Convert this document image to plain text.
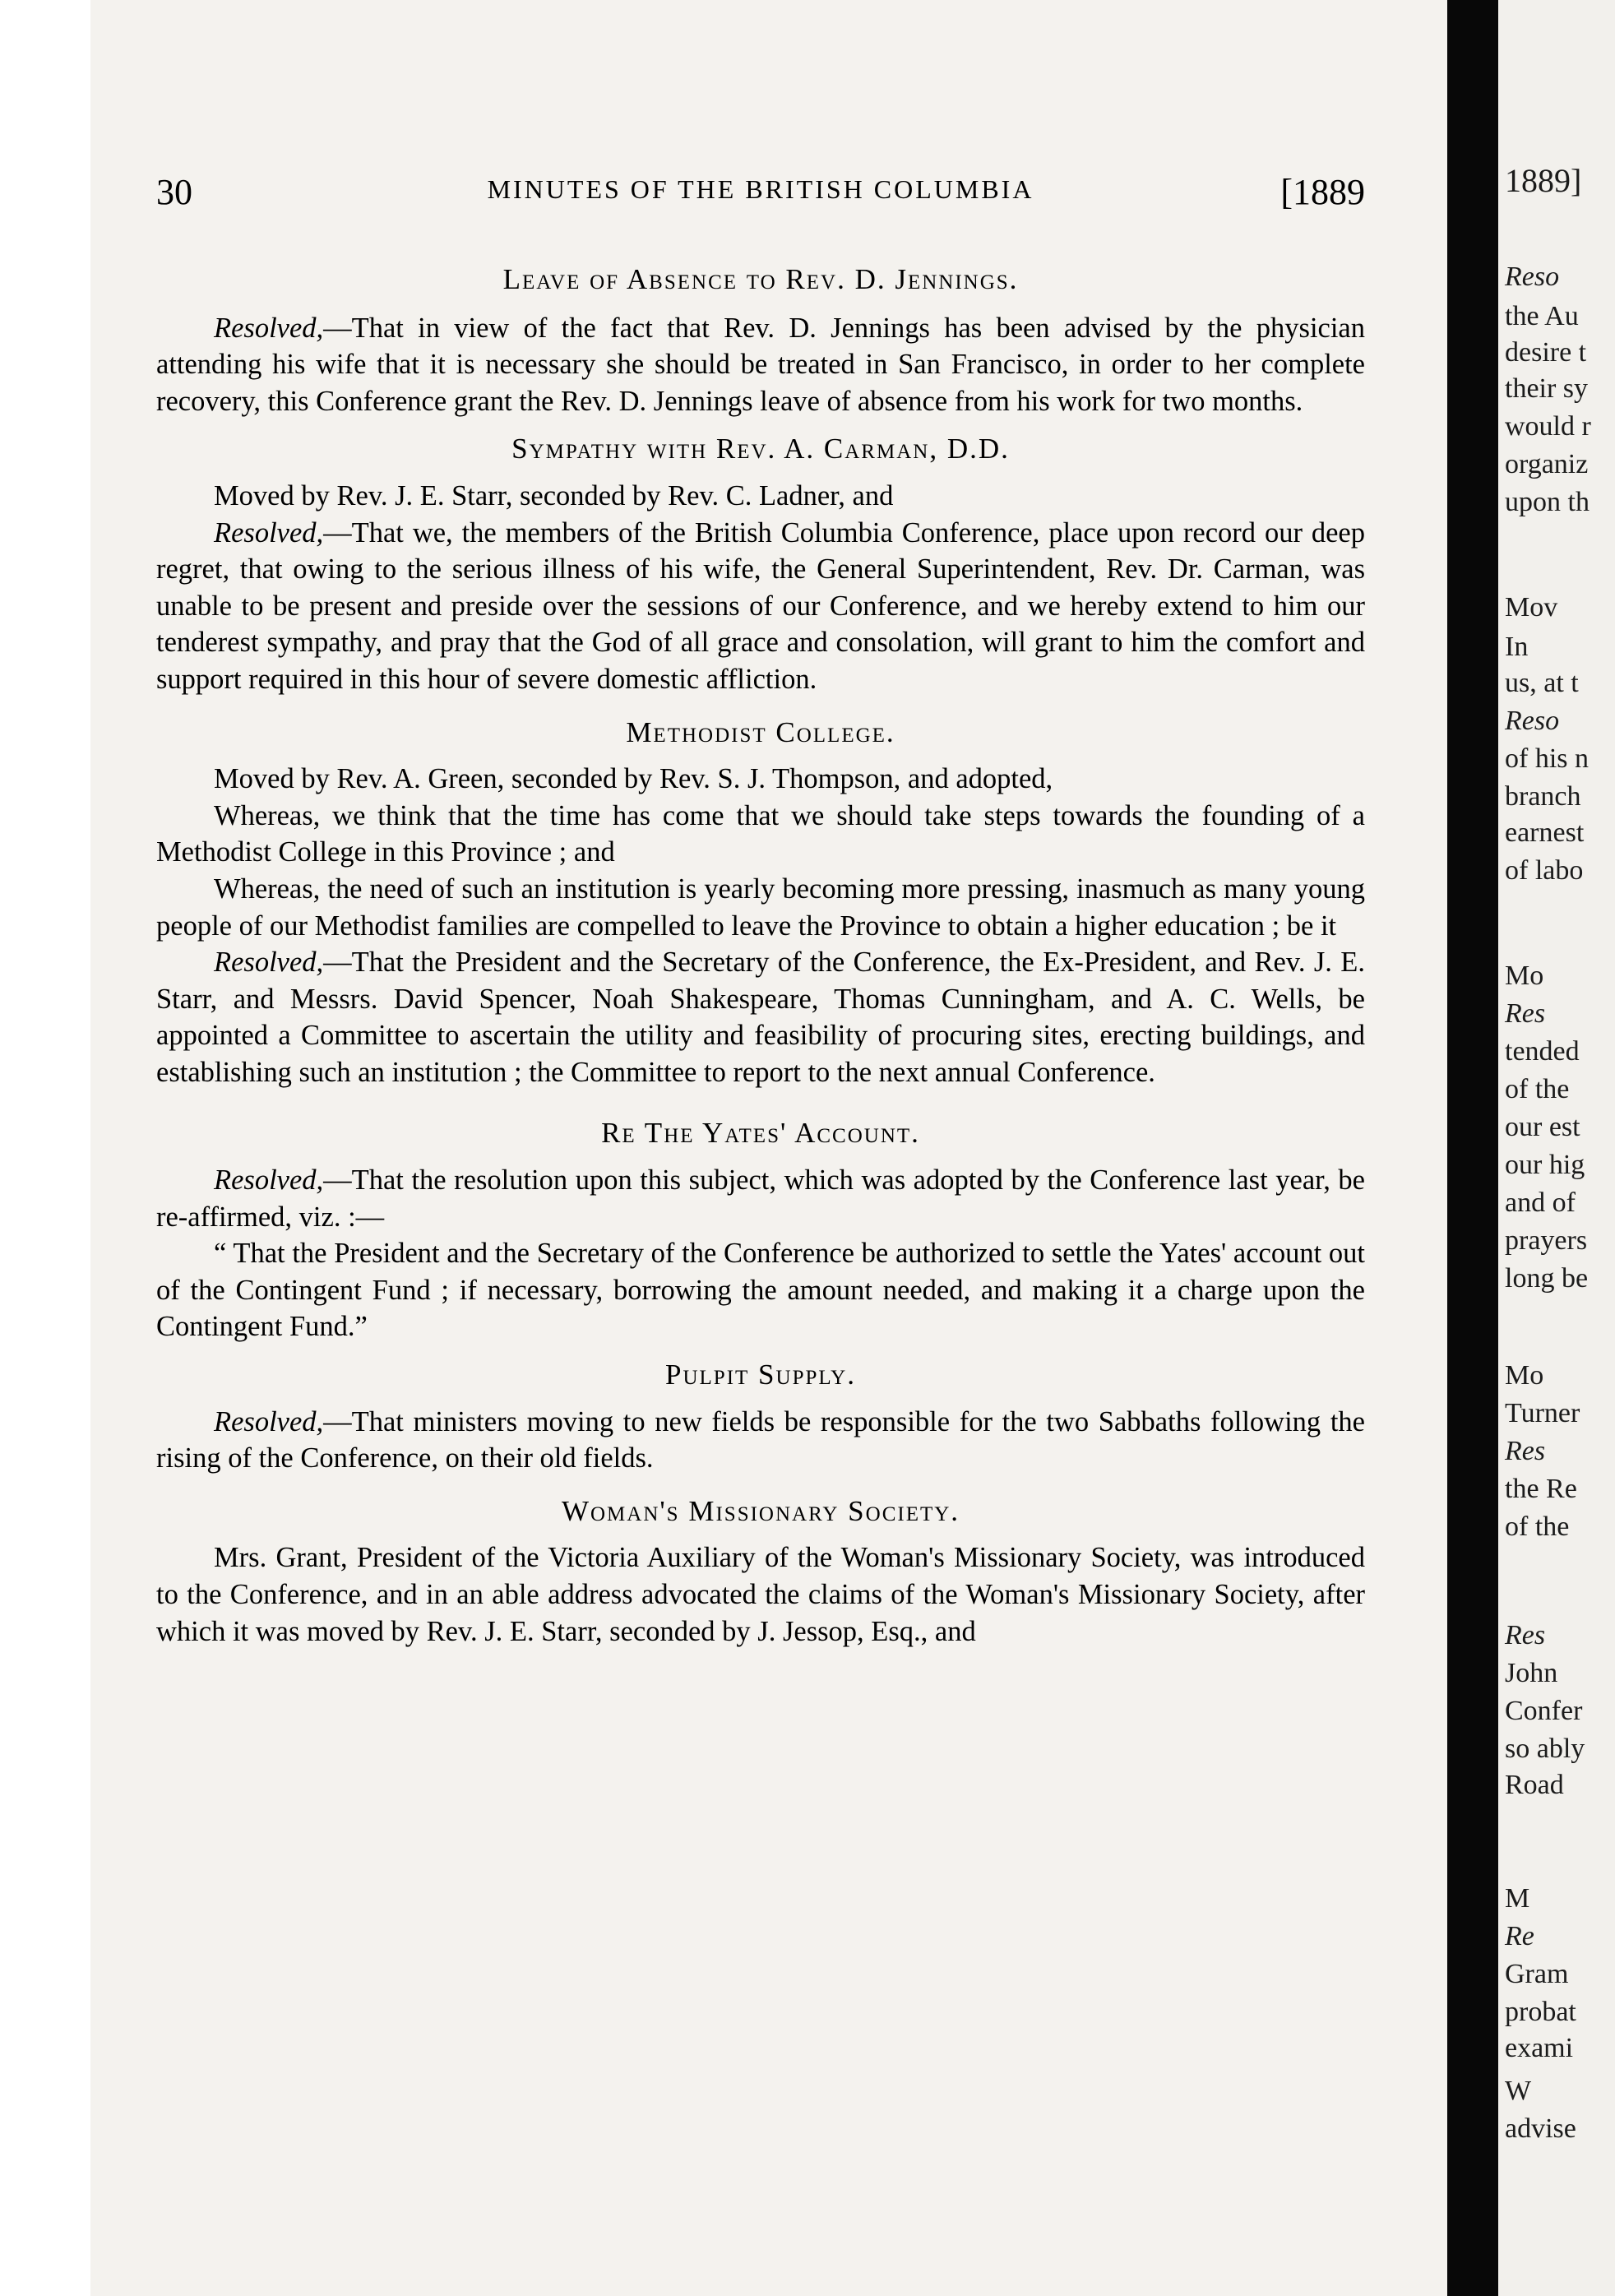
30	MINUTES OF THE BRITISH COLUMBIA	[1889

Leave of Absence to Rev. D. Jennings.

Resolved,—That in view of the fact that Rev. D. Jennings has been advised by the physician attending his wife that it is necessary she should be treated in San Francisco, in order to her complete recovery, this Conference grant the Rev. D. Jennings leave of absence from his work for two months.

Sympathy with Rev. A. Carman, D.D.

Moved by Rev. J. E. Starr, seconded by Rev. C. Ladner, and

Resolved,—That we, the members of the British Columbia Conference, place upon record our deep regret, that owing to the serious illness of his wife, the General Superintendent, Rev. Dr. Carman, was unable to be present and preside over the sessions of our Conference, and we hereby extend to him our tenderest sympathy, and pray that the God of all grace and consolation, will grant to him the comfort and support required in this hour of severe domestic affliction.

Methodist College.

Moved by Rev. A. Green, seconded by Rev. S. J. Thompson, and adopted,

Whereas, we think that the time has come that we should take steps towards the founding of a Methodist College in this Province ; and

Whereas, the need of such an institution is yearly becoming more pressing, inasmuch as many young people of our Methodist families are compelled to leave the Province to obtain a higher education ; be it

Resolved,—That the President and the Secretary of the Conference, the Ex-President, and Rev. J. E. Starr, and Messrs. David Spencer, Noah Shakespeare, Thomas Cunningham, and A. C. Wells, be appointed a Committee to ascertain the utility and feasibility of procuring sites, erecting buildings, and establishing such an institution ; the Committee to report to the next annual Conference.

Re The Yates' Account.

Resolved,—That the resolution upon this subject, which was adopted by the Conference last year, be re-affirmed, viz. :—

“ That the President and the Secretary of the Conference be authorized to settle the Yates' account out of the Contingent Fund ; if necessary, borrowing the amount needed, and making it a charge upon the Contingent Fund.”

Pulpit Supply.

Resolved,—That ministers moving to new fields be responsible for the two Sabbaths following the rising of the Conference, on their old fields.

Woman's Missionary Society.

Mrs. Grant, President of the Victoria Auxiliary of the Woman's Missionary Society, was introduced to the Conference, and in an able address advocated the claims of the Woman's Missionary Society, after which it was moved by Rev. J. E. Starr, seconded by J. Jessop, Esq., and

1889]
Reso
the Au
desire t
their sy
would r
organiz
upon th
Mov
In
us, at t
Reso
of his n
branch
earnest
of labo
Mo
Res
tended
of the
our est
our hig
and of
prayers
long be
Mo
Turner
Res
the Re
of the
Res
John
Confer
so ably
Road
M
Re
Gram
probat
exami
W
advise
